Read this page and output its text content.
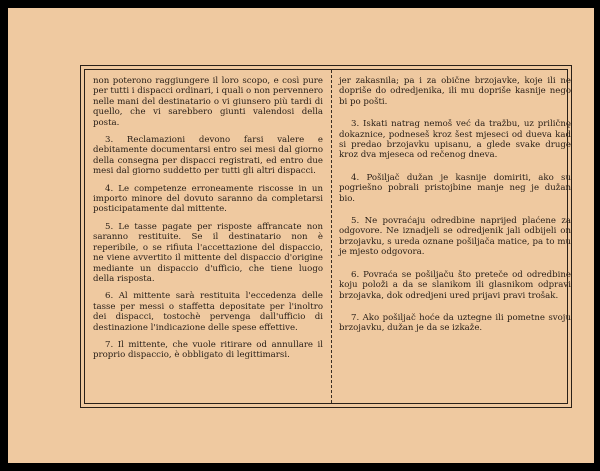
non poterono raggiungere il loro scopo, e così pure per tutti i dispacci ordinari, i quali o non pervennero nelle mani del destinatario o vi giunsero più tardi di quello, che vi sarebbero giunti valendosi della posta.

3. Reclamazioni devono farsi valere e debitamente documentarsi entro sei mesi dal giorno della consegna per dispacci registrati, ed entro due mesi dal giorno suddetto per tutti gli altri dispacci.

4. Le competenze erroneamente riscosse in un importo minore del dovuto saranno da completarsi posticipatamente dal mittente.

5. Le tasse pagate per risposte affrancate non saranno restituite. Se il destinatario non è reperibile, o se rifiuta l'accettazione del dispaccio, ne viene avvertito il mittente del dispaccio d'origine mediante un dispaccio d'ufficio, che tiene luogo della risposta.

6. Al mittente sarà restituita l'eccedenza delle tasse per messi o staffetta depositate per l'inoltro dei dispacci, tostochè pervenga dall'ufficio di destinazione l'indicazione delle spese effettive.

7. Il mittente, che vuole ritirare od annullare il proprio dispaccio, è obbligato di legittimarsi.

jer zakasnila; pa i za obične brzojavke, koje ili ne dopriše do odredjenika, ili mu dopriše kasnije nego bi po pošti.

3. Iskati natrag nemoš već da tražbu, uz priličnę dokaznice, podneseš kroz šest mjeseci od dueva kad si predao brzojavku upisanu, a glede svake druge kroz dva mjeseca od rečenog dneva.

4. Pošiljač dužan je kasnije domiriti, ako su pogriešno pobrali pristojbine manje neg je dužan bio.

5. Ne povraćaju odredbine naprijed plaćene za odgovore. Ne iznadjeli se odredjenik jali odbijeli on brzojavku, s ureda oznane pošiljača matice, pa to mu je mjesto odgovora.

6. Povraća se pošiljaču što preteče od odredbine koju položi a da se slanikom ili glasnikom odpravi brzojavka, dok odredjeni ured prijavi pravi trošak.

7. Ako pošiljač hoće da uztegne ili pometne svoju brzojavku, dužan je da se izkaže.
